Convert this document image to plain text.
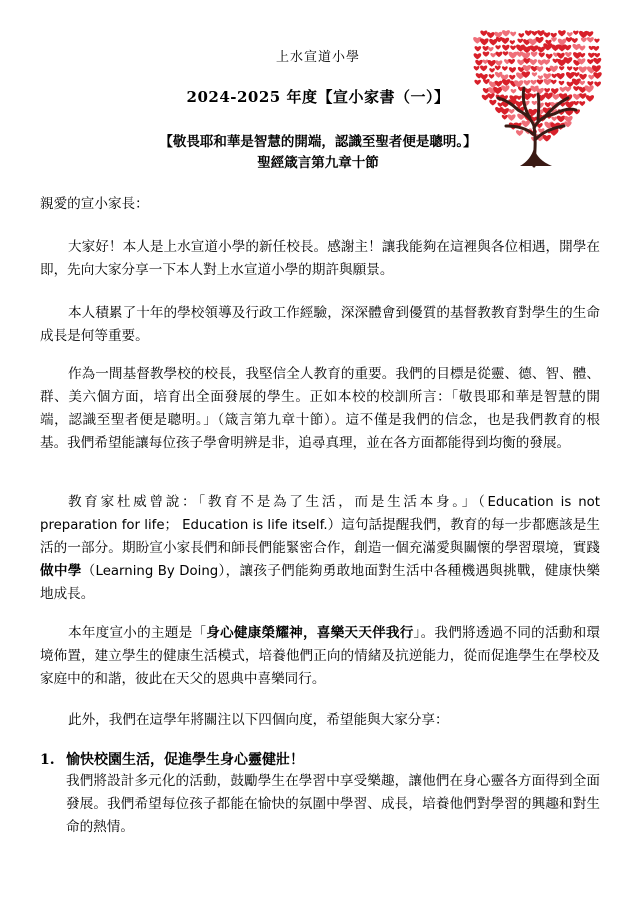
上水宣道小學
2024-2025 年度【宣小家書（一）】
【敬畏耶和華是智慧的開端，認識至聖者便是聰明。】
聖經箴言第九章十節
親愛的宣小家長：
大家好！本人是上水宣道小學的新任校長。感謝主！讓我能夠在這裡與各位相遇，開學在即，先向大家分享一下本人對上水宣道小學的期許與願景。
本人積累了十年的學校領導及行政工作經驗，深深體會到優質的基督教教育對學生的生命成長是何等重要。
作為一間基督教學校的校長，我堅信全人教育的重要。我們的目標是從靈、德、智、體、群、美六個方面，培育出全面發展的學生。正如本校的校訓所言：「敬畏耶和華是智慧的開端，認識至聖者便是聰明。」（箴言第九章十節）。這不僅是我們的信念，也是我們教育的根基。我們希望能讓每位孩子學會明辨是非，追尋真理，並在各方面都能得到均衡的發展。
教育家杜威曾說：「教育不是為了生活，而是生活本身。」（Education is not preparation for life； Education is life itself.）這句話提醒我們，教育的每一步都應該是生活的一部分。期盼宣小家長們和師長們能緊密合作，創造一個充滿愛與關懷的學習環境，實踐做中學（Learning By Doing），讓孩子們能夠勇敢地面對生活中各種機遇與挑戰，健康快樂地成長。
本年度宣小的主題是「身心健康榮耀神，喜樂天天伴我行」。我們將透過不同的活動和環境佈置，建立學生的健康生活模式，培養他們正向的情緒及抗逆能力，從而促進學生在學校及家庭中的和諧，彼此在天父的恩典中喜樂同行。
此外，我們在這學年將關注以下四個向度，希望能與大家分享：
1. 愉快校園生活，促進學生身心靈健壯！
我們將設計多元化的活動，鼓勵學生在學習中享受樂趣，讓他們在身心靈各方面得到全面發展。我們希望每位孩子都能在愉快的氛圍中學習、成長，培養他們對學習的興趣和對生命的熱情。
